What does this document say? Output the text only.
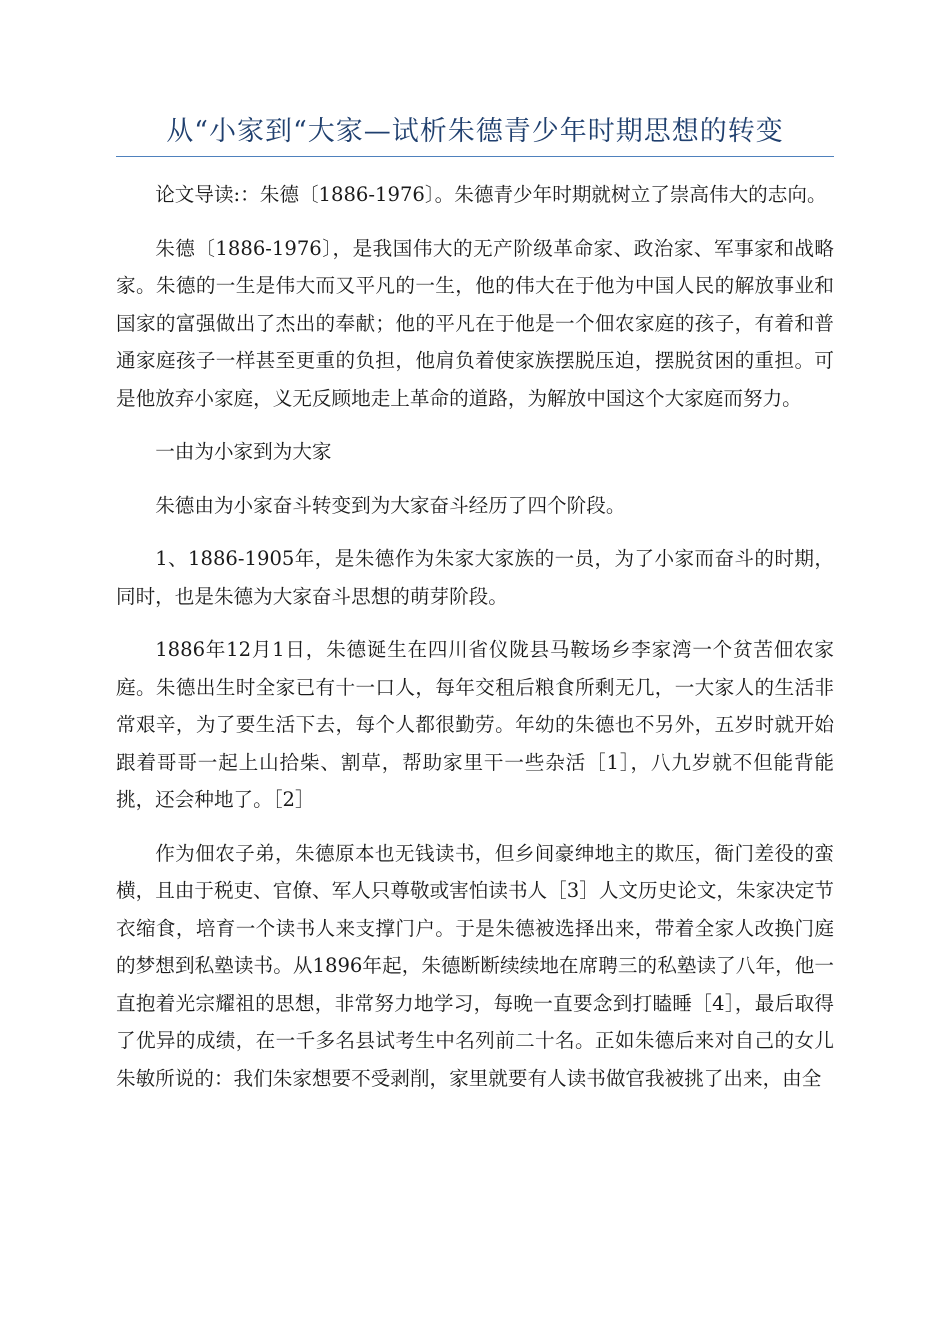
从“小家到“大家—试析朱德青少年时期思想的转变

论文导读:：朱德〔1886-1976〕。朱德青少年时期就树立了崇高伟大的志向。

朱德〔1886-1976〕，是我国伟大的无产阶级革命家、政治家、军事家和战略家。朱德的一生是伟大而又平凡的一生，他的伟大在于他为中国人民的解放事业和国家的富强做出了杰出的奉献；他的平凡在于他是一个佃农家庭的孩子，有着和普通家庭孩子一样甚至更重的负担，他肩负着使家族摆脱压迫，摆脱贫困的重担。可是他放弃小家庭，义无反顾地走上革命的道路，为解放中国这个大家庭而努力。

一由为小家到为大家

朱德由为小家奋斗转变到为大家奋斗经历了四个阶段。

1、1886-1905年，是朱德作为朱家大家族的一员，为了小家而奋斗的时期，同时，也是朱德为大家奋斗思想的萌芽阶段。

1886年12月1日，朱德诞生在四川省仪陇县马鞍场乡李家湾一个贫苦佃农家庭。朱德出生时全家已有十一口人，每年交租后粮食所剩无几，一大家人的生活非常艰辛，为了要生活下去，每个人都很勤劳。年幼的朱德也不另外，五岁时就开始跟着哥哥一起上山拾柴、割草，帮助家里干一些杂活［1］，八九岁就不但能背能挑，还会种地了。［2］

作为佃农子弟，朱德原本也无钱读书，但乡间豪绅地主的欺压，衙门差役的蛮横，且由于税吏、官僚、军人只尊敬或害怕读书人［3］人文历史论文，朱家决定节衣缩食，培育一个读书人来支撑门户。于是朱德被选择出来，带着全家人改换门庭的梦想到私塾读书。从1896年起，朱德断断续续地在席聘三的私塾读了八年，他一直抱着光宗耀祖的思想，非常努力地学习，每晚一直要念到打瞌睡［4］，最后取得了优异的成绩，在一千多名县试考生中名列前二十名。正如朱德后来对自己的女儿朱敏所说的：我们朱家想要不受剥削，家里就要有人读书做官我被挑了出来，由全
